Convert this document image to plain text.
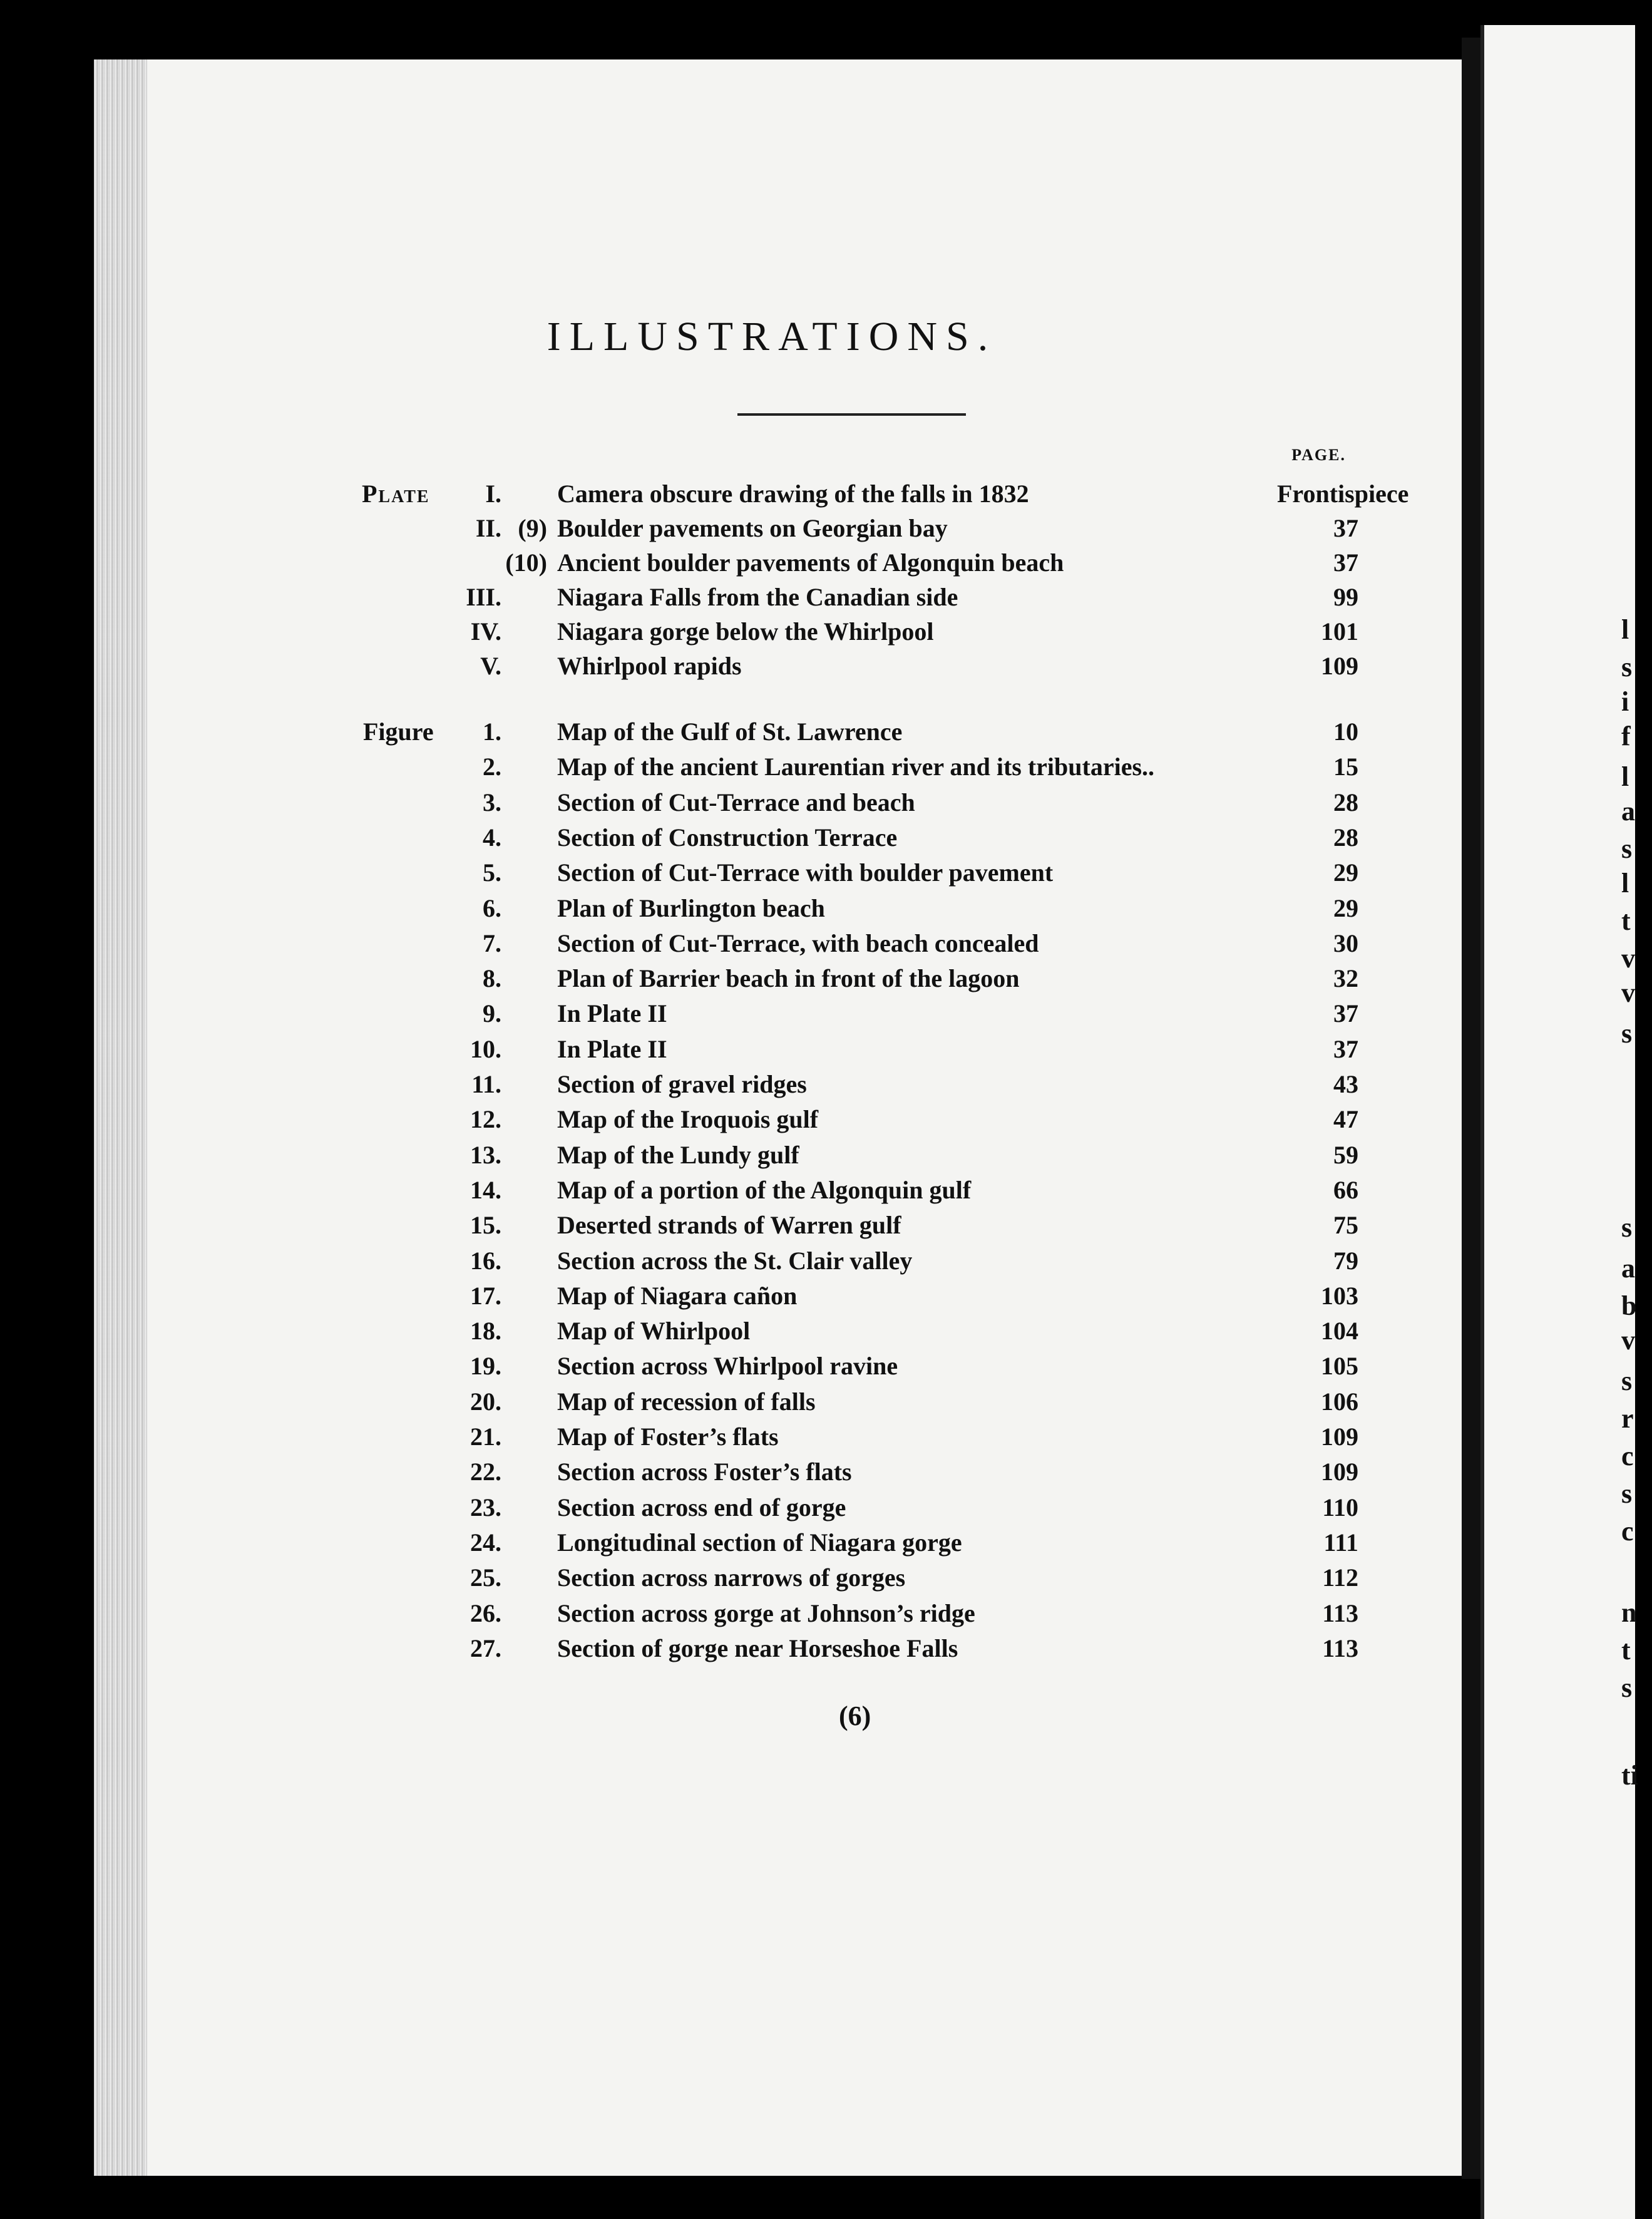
l
s
i
f
l
a
s
l
t
v
v
s
s
a
b
v
s
r
c
s
c
n
t
s
ti
ILLUSTRATIONS.
PAGE.
Plate I. Camera obscure drawing of the falls in 1832 . . .	Frontispiece
II. (9) Boulder pavements on Georgian bay . . .	37
(10) Ancient boulder pavements of Algonquin beach . . .	37
III. Niagara Falls from the Canadian side . . .	99
IV. Niagara gorge below the Whirlpool . . .	101
V. Whirlpool rapids . . .	109
Figure 1. Map of the Gulf of St. Lawrence . . .	10
2. Map of the ancient Laurentian river and its tributaries.. . . .	15
3. Section of Cut-Terrace and beach . . .	28
4. Section of Construction Terrace . . .	28
5. Section of Cut-Terrace with boulder pavement . . .	29
6. Plan of Burlington beach . . .	29
7. Section of Cut-Terrace, with beach concealed . . .	30
8. Plan of Barrier beach in front of the lagoon . . .	32
9. In Plate II . . .	37
10. In Plate II . . .	37
11. Section of gravel ridges . . .	43
12. Map of the Iroquois gulf . . .	47
13. Map of the Lundy gulf . . .	59
14. Map of a portion of the Algonquin gulf . . .	66
15. Deserted strands of Warren gulf . . .	75
16. Section across the St. Clair valley . . .	79
17. Map of Niagara cañon . . .	103
18. Map of Whirlpool . . .	104
19. Section across Whirlpool ravine . . .	105
20. Map of recession of falls . . .	106
21. Map of Foster’s flats . . .	109
22. Section across Foster’s flats . . .	109
23. Section across end of gorge . . .	110
24. Longitudinal section of Niagara gorge . . .	111
25. Section across narrows of gorges . . .	112
26. Section across gorge at Johnson’s ridge . . .	113
27. Section of gorge near Horseshoe Falls . . .	113
(6)
